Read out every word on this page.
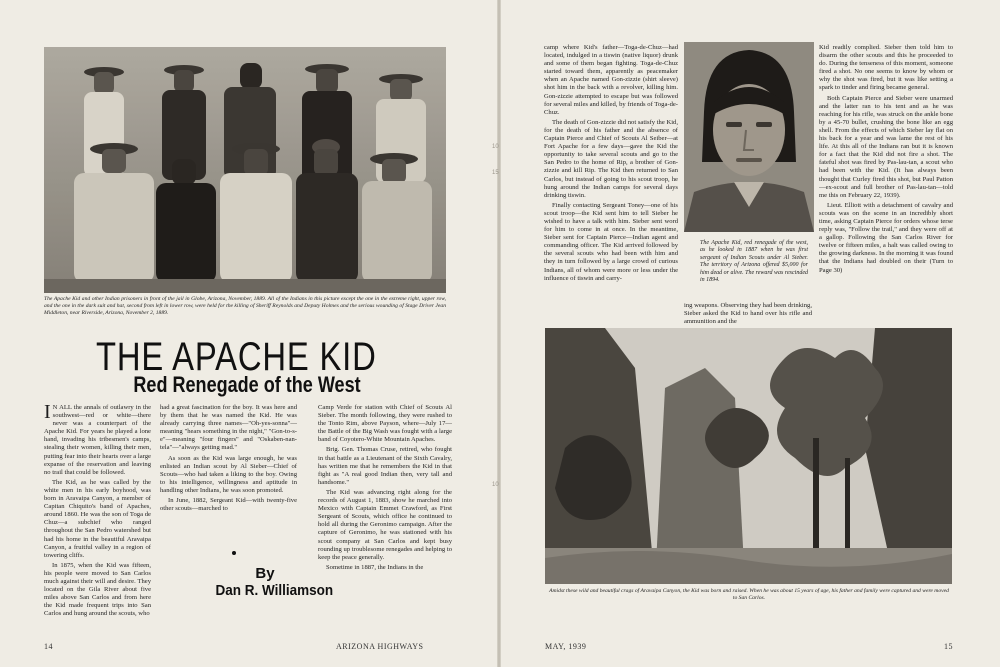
The Apache Kid and other Indian prisoners in front of the jail in Globe, Arizona, November, 1889. All of the Indians in this picture except the one in the extreme right, upper row, and the one in the dark suit and hat, second from left in lower row, were held for the killing of Sheriff Reynolds and Deputy Holmes and the serious wounding of Stage Driver Jean Middleton, near Riverside, Arizona, November 2, 1889.
THE APACHE KID
Red Renegade of the West

I N ALL the annals of outlawry in the southwest—red or white—there never was a counterpart of the Apache Kid. For years he played a lone hand, invading his tribesmen's camps, stealing their women, killing their men, putting fear into their hearts over a large expanse of the reservation and leaving no trail that could be followed.

The Kid, as he was called by the white men in his early boyhood, was born in Aravaipa Canyon, a member of Capitan Chiquito's band of Apaches, around 1860. He was the son of Toga de Chuz—a subchief who ranged throughout the San Pedro watershed but had his home in the beautiful Aravaipa Canyon, a fruitful valley in a region of towering cliffs.

In 1875, when the Kid was fifteen, his people were moved to San Carlos much against their will and desire. They located on the Gila River about five miles above San Carlos and from here the Kid made frequent trips into San Carlos and hung around the scouts, who

had a great fascination for the boy. It was here and by them that he was named the Kid. He was already carrying three names—"Oh-yes-sonna"—meaning "hears something in the night," "Gon-to-s-e"—meaning "four fingers" and "Oskaben-nan-tela"—"always getting mad."

As soon as the Kid was large enough, he was enlisted an Indian scout by Al Sieber—Chief of Scouts—who had taken a liking to the boy. Owing to his intelligence, willingness and aptitude in handling other Indians, he was soon promoted.

In June, 1882, Sergeant Kid—with twenty-five other scouts—marched to

By
Dan R. Williamson

Camp Verde for station with Chief of Scouts Al Sieber. The month following, they were rushed to the Tonto Rim, above Payson, where—July 17—the Battle of the Big Wash was fought with a large band of Coyotero-White Mountain Apaches.

Brig. Gen. Thomas Cruse, retired, who fought in that battle as a Lieutenant of the Sixth Cavalry, has written me that he remembers the Kid in that fight as "A real good Indian then, very tall and handsome."

The Kid was advancing right along for the records of August 1, 1883, show he marched into Mexico with Captain Emmet Crawford, as First Sergeant of Scouts, which office he continued to hold all during the Geronimo campaign. After the capture of Geronimo, he was stationed with his scout company at San Carlos and kept busy rounding up troublesome renegades and helping to keep the peace generally.

Sometime in 1887, the Indians in the

14	ARIZONA HIGHWAYS
10
15
10

camp where Kid's father—Toga-de-Chuz—had located, indulged in a tiswin (native liquor) drunk and some of them began fighting. Toga-de-Chuz started toward them, apparently as peacemaker when an Apache named Gon-zizzie (shirt sleeve) shot him in the back with a revolver, killing him. Gon-zizzie attempted to escape but was followed for several miles and killed, by friends of Toga-de-Chuz.

The death of Gon-zizzie did not satisfy the Kid, for the death of his father and the absence of Captain Pierce and Chief of Scouts Al Seiber—at Fort Apache for a few days—gave the Kid the opportunity to take several scouts and go to the San Pedro to the home of Rip, a brother of Gon-zizzie and kill Rip. The Kid then returned to San Carlos, but instead of going to his scout troop, he hung around the Indian camps for several days drinking tiswin.

Finally contacting Sergeant Toney—one of his scout troop—the Kid sent him to tell Sieber he wished to have a talk with him. Sieber sent word for him to come in at once. In the meantime, Sieber sent for Captain Pierce—Indian agent and commanding officer. The Kid arrived followed by the several scouts who had been with him and they in turn followed by a large crowd of curious Indians, all of whom were more or less under the influence of tiswin and carry-

The Apache Kid, red renegade of the west, as he looked in 1887 when he was first sergeant of Indian Scouts under Al Sieber. The territory of Arizona offered $5,000 for him dead or alive. The reward was rescinded in 1894.

ing weapons. Observing they had been drinking, Sieber asked the Kid to hand over his rifle and ammunition and the

Kid readily complied. Sieber then told him to disarm the other scouts and this he proceeded to do. During the tenseness of this moment, someone fired a shot. No one seems to know by whom or why the shot was fired, but it was like setting a spark to tinder and firing became general.

Both Captain Pierce and Sieber were unarmed and the latter ran to his tent and as he was reaching for his rifle, was struck on the ankle bone by a 45-70 bullet, crushing the bone like an egg shell. From the effects of which Sieber lay flat on his back for a year and was lame the rest of his life. At this all of the Indians ran but it is known for a fact that the Kid did not fire a shot. The fateful shot was fired by Pas-lau-tan, a scout who had been with the Kid. (It has always been thought that Curley fired this shot, but Paul Patton—ex-scout and full brother of Pas-lau-tan—told me this on February 22, 1939).

Lieut. Elliott with a detachment of cavalry and scouts was on the scene in an incredibly short time, asking Captain Pierce for orders whose terse reply was, "Follow the trail," and they were off at a gallop. Following the San Carlos River for twelve or fifteen miles, a halt was called owing to the growing darkness. In the morning it was found that the Indians had doubled on their (Turn to Page 30)

Amidst these wild and beautiful crags of Aravaipa Canyon, the Kid was born and raised. When he was about 15 years of age, his father and family were captured and were moved to San Carlos.
MAY, 1939	15
